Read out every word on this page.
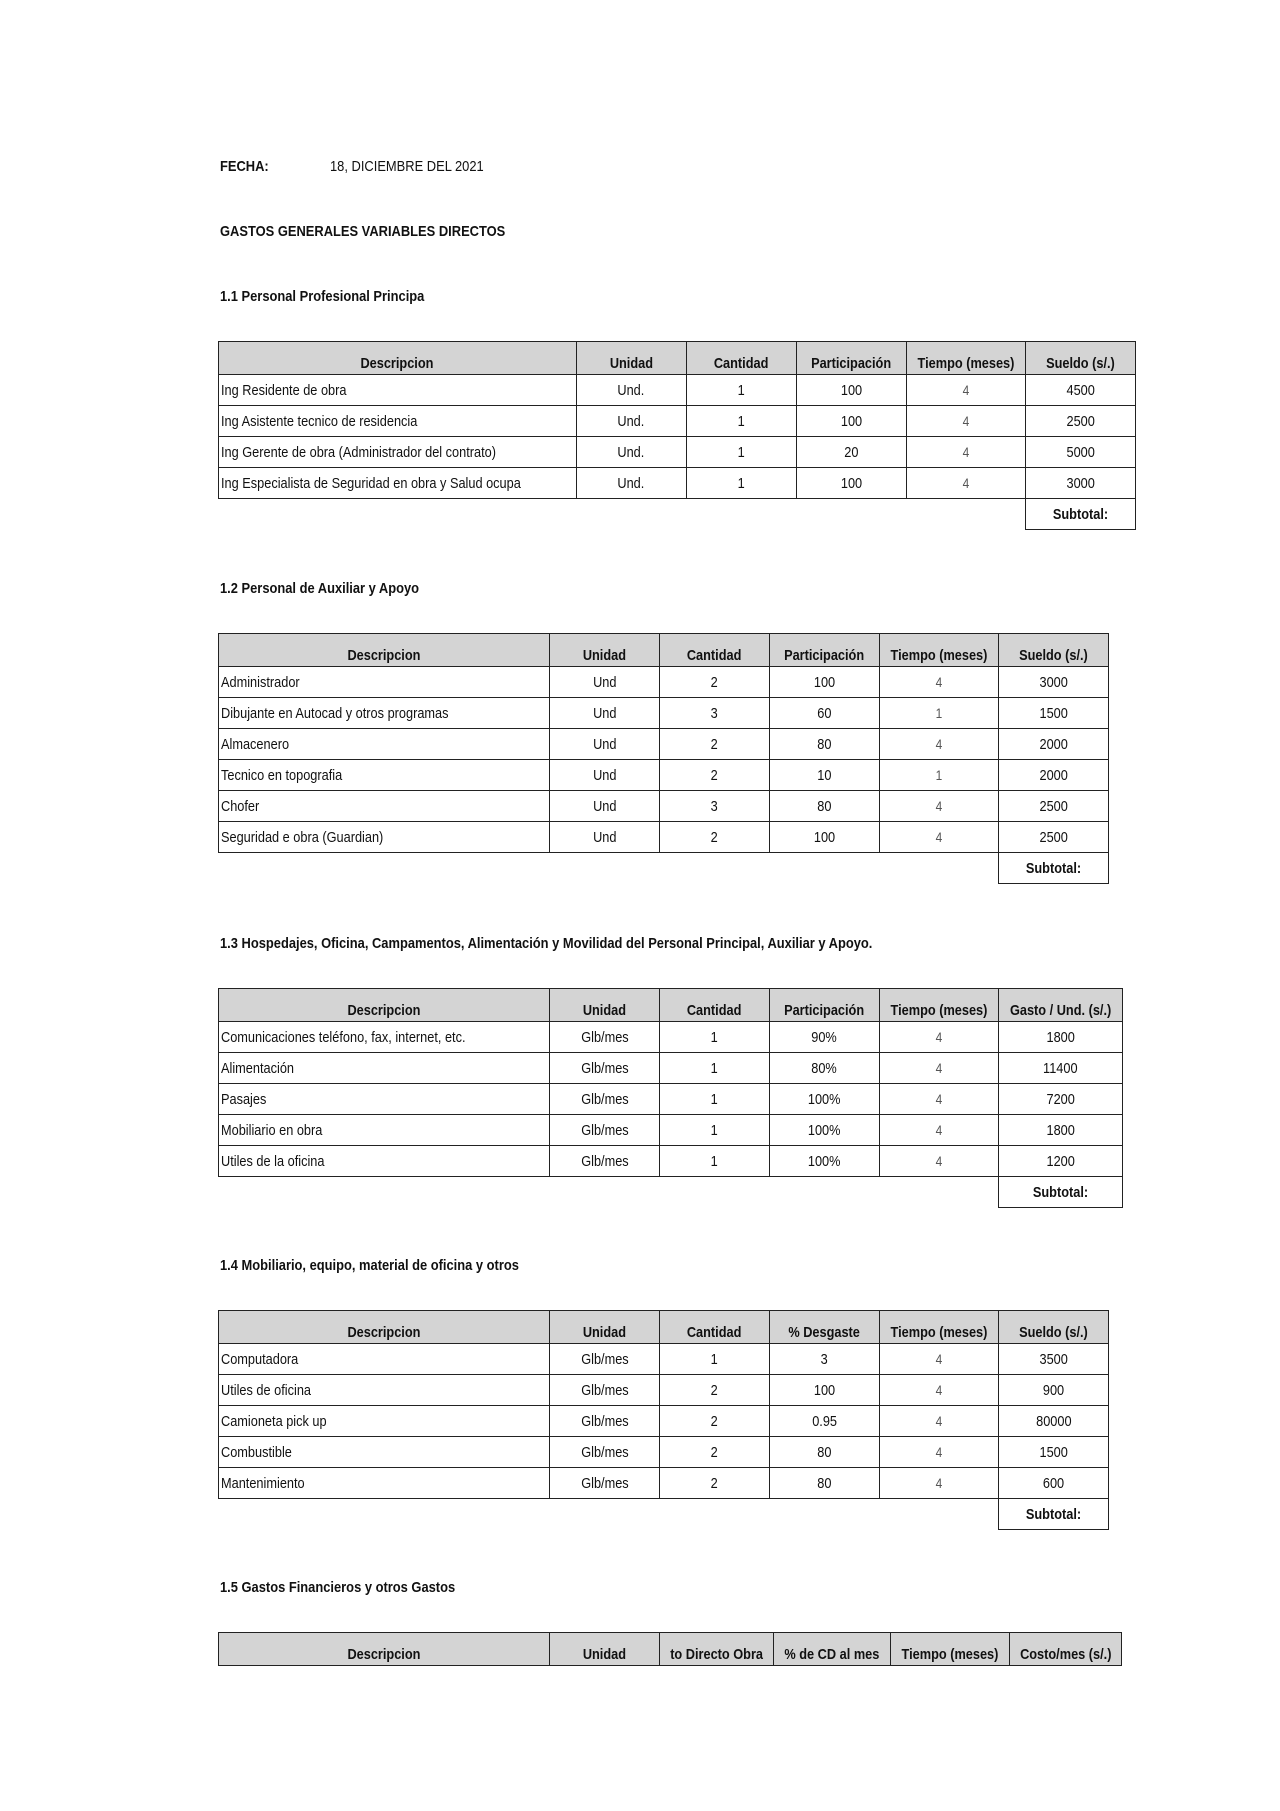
FECHA:	18, DICIEMBRE DEL 2021
GASTOS GENERALES VARIABLES DIRECTOS
1.1 Personal Profesional Principa
Descripcion	Unidad	Cantidad	Participación	Tiempo (meses)	Sueldo (s/.)
Ing Residente de obra	Und.	1	100	4	4500
Ing Asistente tecnico de residencia	Und.	1	100	4	2500
Ing Gerente de obra (Administrador del contrato)	Und.	1	20	4	5000
Ing Especialista de Seguridad en obra y Salud ocupa	Und.	1	100	4	3000
					Subtotal:
1.2 Personal de Auxiliar y Apoyo
Descripcion	Unidad	Cantidad	Participación	Tiempo (meses)	Sueldo (s/.)
Administrador	Und	2	100	4	3000
Dibujante en Autocad y otros programas	Und	3	60	1	1500
Almacenero	Und	2	80	4	2000
Tecnico en topografia	Und	2	10	1	2000
Chofer	Und	3	80	4	2500
Seguridad e obra (Guardian)	Und	2	100	4	2500
					Subtotal:
1.3 Hospedajes, Oficina, Campamentos, Alimentación y Movilidad del Personal Principal, Auxiliar y Apoyo.
Descripcion	Unidad	Cantidad	Participación	Tiempo (meses)	Gasto / Und. (s/.)
Comunicaciones teléfono, fax, internet, etc.	Glb/mes	1	90%	4	1800
Alimentación	Glb/mes	1	80%	4	11400
Pasajes	Glb/mes	1	100%	4	7200
Mobiliario en obra	Glb/mes	1	100%	4	1800
Utiles de la oficina	Glb/mes	1	100%	4	1200
					Subtotal:
1.4 Mobiliario, equipo, material de oficina y otros
Descripcion	Unidad	Cantidad	% Desgaste	Tiempo (meses)	Sueldo (s/.)
Computadora	Glb/mes	1	3	4	3500
Utiles de oficina	Glb/mes	2	100	4	900
Camioneta pick up	Glb/mes	2	0.95	4	80000
Combustible	Glb/mes	2	80	4	1500
Mantenimiento	Glb/mes	2	80	4	600
					Subtotal:
1.5 Gastos Financieros y otros Gastos
Descripcion	Unidad	to Directo Obra	% de CD al mes	Tiempo (meses)	Costo/mes (s/.)
